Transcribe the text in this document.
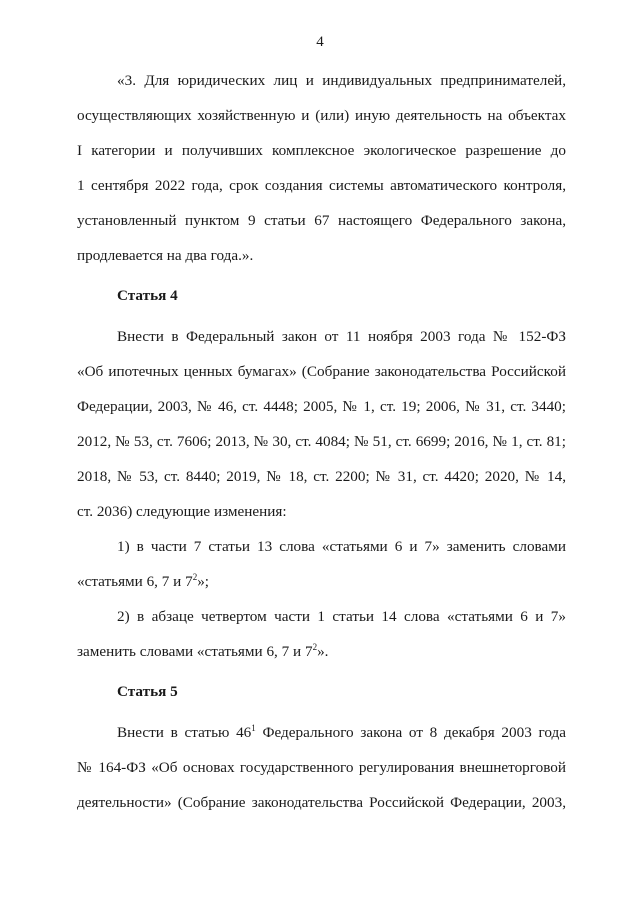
4

«3. Для юридических лиц и индивидуальных предпринимателей,
осуществляющих хозяйственную и (или) иную деятельность на объектах
I категории и получивших комплексное экологическое разрешение до
1 сентября 2022 года, срок создания системы автоматического контроля,
установленный пунктом 9 статьи 67 настоящего Федерального закона,
продлевается на два года.».

Статья 4

Внести в Федеральный закон от 11 ноября 2003 года № 152-ФЗ
«Об ипотечных ценных бумагах» (Собрание законодательства Российской
Федерации, 2003, № 46, ст. 4448; 2005, № 1, ст. 19; 2006, № 31, ст. 3440;
2012, № 53, ст. 7606; 2013, № 30, ст. 4084; № 51, ст. 6699; 2016, № 1, ст. 81;
2018, № 53, ст. 8440; 2019, № 18, ст. 2200; № 31, ст. 4420; 2020, № 14,
ст. 2036) следующие изменения:

1) в части 7 статьи 13 слова «статьями 6 и 7» заменить словами
«статьями 6, 7 и $7^2$»;

2) в абзаце четвертом части 1 статьи 14 слова «статьями 6 и 7»
заменить словами «статьями 6, 7 и $7^2$».

Статья 5

Внести в статью $46^1$ Федерального закона от 8 декабря 2003 года
№ 164-ФЗ «Об основах государственного регулирования внешнеторговой
деятельности» (Собрание законодательства Российской Федерации, 2003,
